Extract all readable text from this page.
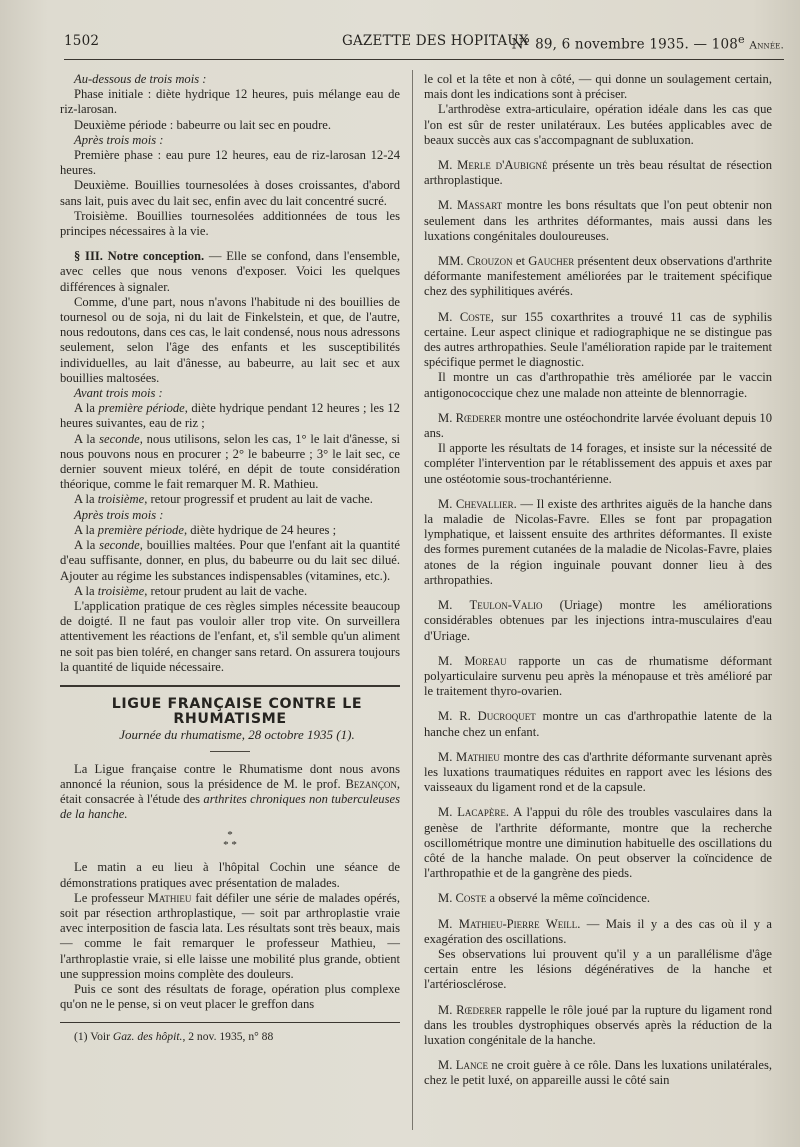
1502	GAZETTE DES HOPITAUX
N° 89, 6 novembre 1935. — 108e Année.

Au-dessous de trois mois :

Phase initiale : diète hydrique 12 heures, puis mélange eau de riz-larosan.

Deuxième période : babeurre ou lait sec en poudre.

Après trois mois :

Première phase : eau pure 12 heures, eau de riz-larosan 12-24 heures.

Deuxième. Bouillies tournesolées à doses croissantes, d'abord sans lait, puis avec du lait sec, enfin avec du lait concentré sucré.

Troisième. Bouillies tournesolées additionnées de tous les principes nécessaires à la vie.

§ III. Notre conception. — Elle se confond, dans l'ensemble, avec celles que nous venons d'exposer. Voici les quelques différences à signaler.

Comme, d'une part, nous n'avons l'habitude ni des bouillies de tournesol ou de soja, ni du lait de Finkelstein, et que, de l'autre, nous redoutons, dans ces cas, le lait condensé, nous nous adressons seulement, selon l'âge des enfants et les susceptibilités individuelles, au lait d'ânesse, au babeurre, au lait sec et aux bouillies maltosées.

Avant trois mois :

A la première période, diète hydrique pendant 12 heures ; les 12 heures suivantes, eau de riz ;

A la seconde, nous utilisons, selon les cas, 1° le lait d'ânesse, si nous pouvons nous en procurer ; 2° le babeurre ; 3° le lait sec, ce dernier souvent mieux toléré, en dépit de toute considération théorique, comme le fait remarquer M. R. Mathieu.

A la troisième, retour progressif et prudent au lait de vache.

Après trois mois :

A la première période, diète hydrique de 24 heures ;

A la seconde, bouillies maltées. Pour que l'enfant ait la quantité d'eau suffisante, donner, en plus, du babeurre ou du lait sec dilué. Ajouter au régime les substances indispensables (vitamines, etc.).

A la troisième, retour prudent au lait de vache.

L'application pratique de ces règles simples nécessite beaucoup de doigté. Il ne faut pas vouloir aller trop vite. On surveillera attentivement les réactions de l'enfant, et, s'il semble qu'un aliment ne soit pas bien toléré, en changer sans retard. On assurera toujours la quantité de liquide nécessaire.

LIGUE FRANÇAISE CONTRE LE RHUMATISME

Journée du rhumatisme, 28 octobre 1935 (1).

La Ligue française contre le Rhumatisme dont nous avons annoncé la réunion, sous la présidence de M. le prof. Bezançon, était consacrée à l'étude des arthrites chroniques non tuberculeuses de la hanche.

*
* *

Le matin a eu lieu à l'hôpital Cochin une séance de démonstrations pratiques avec présentation de malades.

Le professeur Mathieu fait défiler une série de malades opérés, soit par résection arthroplastique, — soit par arthroplastie vraie avec interposition de fascia lata. Les résultats sont très beaux, mais — comme le fait remarquer le professeur Mathieu, — l'arthroplastie vraie, si elle laisse une mobilité plus grande, obtient une suppression moins complète des douleurs.

Puis ce sont des résultats de forage, opération plus complexe qu'on ne le pense, si on veut placer le greffon dans

(1) Voir Gaz. des hôpit., 2 nov. 1935, n° 88

le col et la tête et non à côté, — qui donne un soulagement certain, mais dont les indications sont à préciser.

L'arthrodèse extra-articulaire, opération idéale dans les cas que l'on est sûr de rester unilatéraux. Les butées applicables avec de beaux succès aux cas s'accompagnant de subluxation.

M. Merle d'Aubigné présente un très beau résultat de résection arthroplastique.

M. Massart montre les bons résultats que l'on peut obtenir non seulement dans les arthrites déformantes, mais aussi dans les luxations congénitales douloureuses.

MM. Crouzon et Gaucher présentent deux observations d'arthrite déformante manifestement améliorées par le traitement spécifique chez des syphilitiques avérés.

M. Coste, sur 155 coxarthrites a trouvé 11 cas de syphilis certaine. Leur aspect clinique et radiographique ne se distingue pas des autres arthropathies. Seule l'amélioration rapide par le traitement spécifique permet le diagnostic.

Il montre un cas d'arthropathie très améliorée par le vaccin antigonococcique chez une malade non atteinte de blennorragie.

M. Rœderer montre une ostéochondrite larvée évoluant depuis 10 ans.

Il apporte les résultats de 14 forages, et insiste sur la nécessité de compléter l'intervention par le rétablissement des appuis et axes par une ostéotomie sous-trochantérienne.

M. Chevallier. — Il existe des arthrites aiguës de la hanche dans la maladie de Nicolas-Favre. Elles se font par propagation lymphatique, et laissent ensuite des arthrites déformantes. Il existe des formes purement cutanées de la maladie de Nicolas-Favre, plaies atones de la région inguinale pouvant donner lieu à des arthropathies.

M. Teulon-Valio (Uriage) montre les améliorations considérables obtenues par les injections intra-musculaires d'eau d'Uriage.

M. Moreau rapporte un cas de rhumatisme déformant polyarticulaire survenu peu après la ménopause et très amélioré par le traitement thyro-ovarien.

M. R. Ducroquet montre un cas d'arthropathie latente de la hanche chez un enfant.

M. Mathieu montre des cas d'arthrite déformante survenant après les luxations traumatiques réduites en rapport avec les lésions des vaisseaux du ligament rond et de la capsule.

M. Lacapère. A l'appui du rôle des troubles vasculaires dans la genèse de l'arthrite déformante, montre que la recherche oscillométrique montre une diminution habituelle des oscillations du côté de la hanche malade. On peut observer la coïncidence de l'arthropathie et de la gangrène des pieds.

M. Coste a observé la même coïncidence.

M. Mathieu-Pierre Weill. — Mais il y a des cas où il y a exagération des oscillations.

Ses observations lui prouvent qu'il y a un parallélisme d'âge certain entre les lésions dégénératives de la hanche et l'artériosclérose.

M. Rœderer rappelle le rôle joué par la rupture du ligament rond dans les troubles dystrophiques observés après la réduction de la luxation congénitale de la hanche.

M. Lance ne croit guère à ce rôle. Dans les luxations unilatérales, chez le petit luxé, on appareille aussi le côté sain
